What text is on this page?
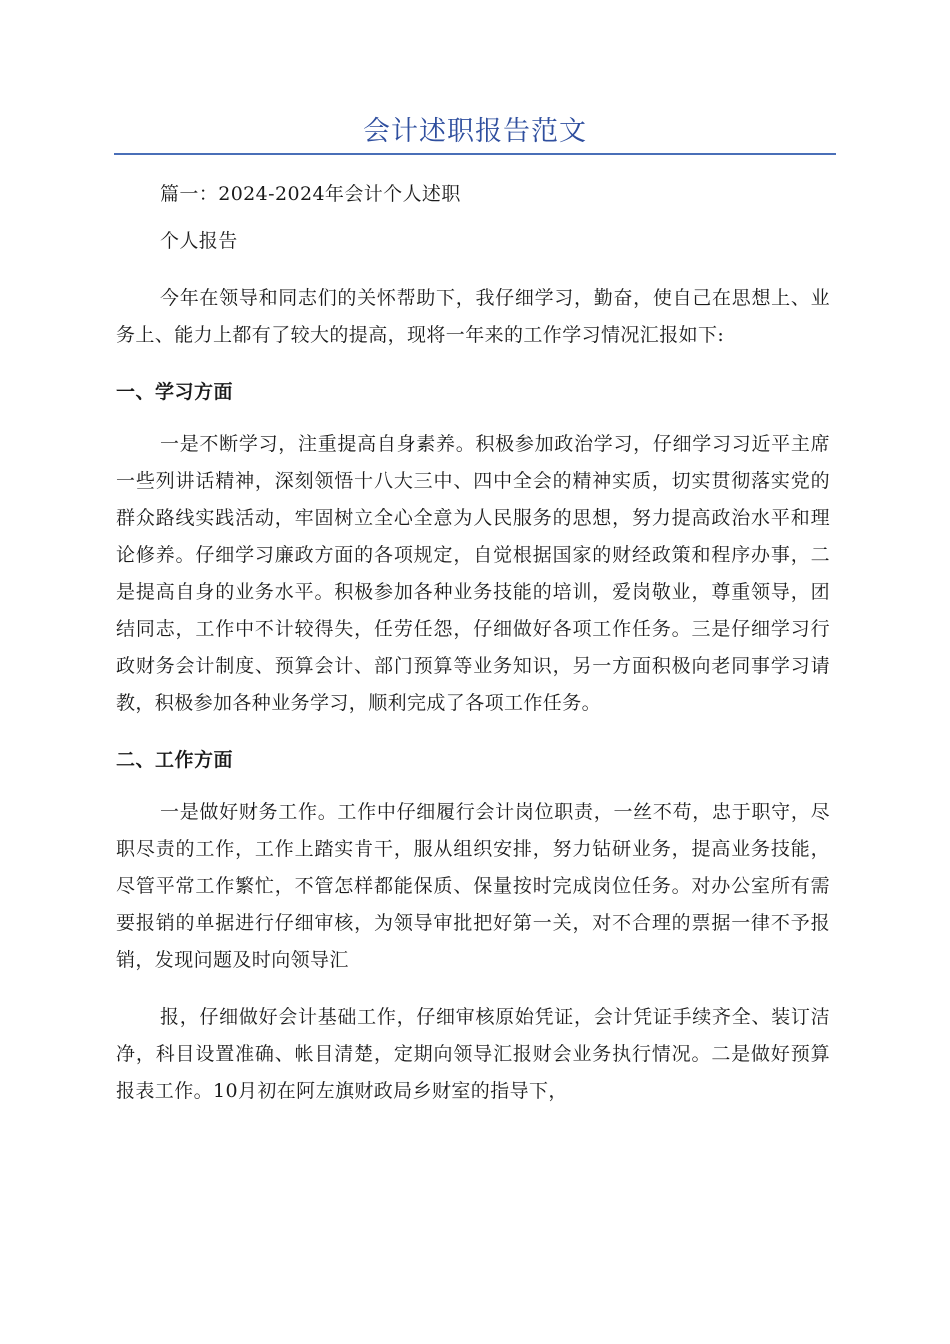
会计述职报告范文

篇一：2024-2024年会计个人述职

个人报告

今年在领导和同志们的关怀帮助下，我仔细学习，勤奋，使自己在思想上、业务上、能力上都有了较大的提高，现将一年来的工作学习情况汇报如下:

一、学习方面

一是不断学习，注重提高自身素养。积极参加政治学习，仔细学习习近平主席一些列讲话精神，深刻领悟十八大三中、四中全会的精神实质，切实贯彻落实党的群众路线实践活动，牢固树立全心全意为人民服务的思想，努力提高政治水平和理论修养。仔细学习廉政方面的各项规定，自觉根据国家的财经政策和程序办事，二是提高自身的业务水平。积极参加各种业务技能的培训，爱岗敬业，尊重领导，团结同志，工作中不计较得失，任劳任怨，仔细做好各项工作任务。三是仔细学习行政财务会计制度、预算会计、部门预算等业务知识，另一方面积极向老同事学习请教，积极参加各种业务学习，顺利完成了各项工作任务。

二、工作方面

一是做好财务工作。工作中仔细履行会计岗位职责，一丝不苟，忠于职守，尽职尽责的工作，工作上踏实肯干，服从组织安排，努力钻研业务，提高业务技能，尽管平常工作繁忙，不管怎样都能保质、保量按时完成岗位任务。对办公室所有需要报销的单据进行仔细审核，为领导审批把好第一关，对不合理的票据一律不予报销，发现问题及时向领导汇

报，仔细做好会计基础工作，仔细审核原始凭证，会计凭证手续齐全、装订洁净，科目设置准确、帐目清楚，定期向领导汇报财会业务执行情况。二是做好预算报表工作。10月初在阿左旗财政局乡财室的指导下，
